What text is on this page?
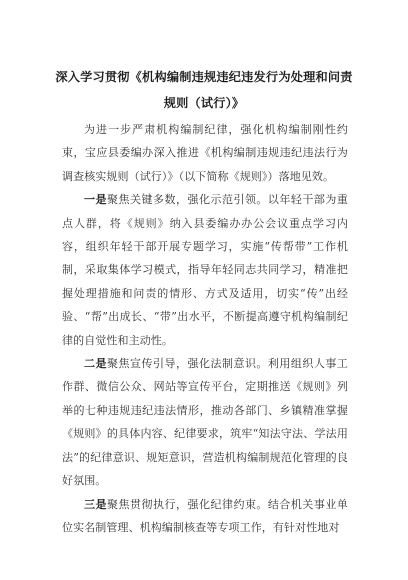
深入学习贯彻《机构编制违规违纪违发行为处理和问责规则（试行）》

为进一步严肃机构编制纪律，强化机构编制刚性约束，宝应县委编办深入推进《机构编制违规违纪违法行为调查核实规则（试行）》（以下简称《规则》）落地见效。

一是聚焦关键多数，强化示范引领。以年轻干部为重点人群，将《规则》纳入县委编办办公会议重点学习内容，组织年轻干部开展专题学习，实施“传帮带”工作机制，采取集体学习模式，指导年轻同志共同学习，精准把握处理措施和问责的情形、方式及适用，切实“传”出经验、“帮”出成长、“带”出水平，不断提高遵守机构编制纪律的自觉性和主动性。

二是聚焦宣传引导，强化法制意识。利用组织人事工作群、微信公众、网站等宣传平台，定期推送《规则》列举的七种违规违纪违法情形，推动各部门、乡镇精准掌握《规则》的具体内容、纪律要求，筑牢“知法守法、学法用法”的纪律意识、规矩意识，营造机构编制规范化管理的良好氛围。

三是聚焦贯彻执行，强化纪律约束。结合机关事业单位实名制管理、机构编制核查等专项工作，有针对性地对
